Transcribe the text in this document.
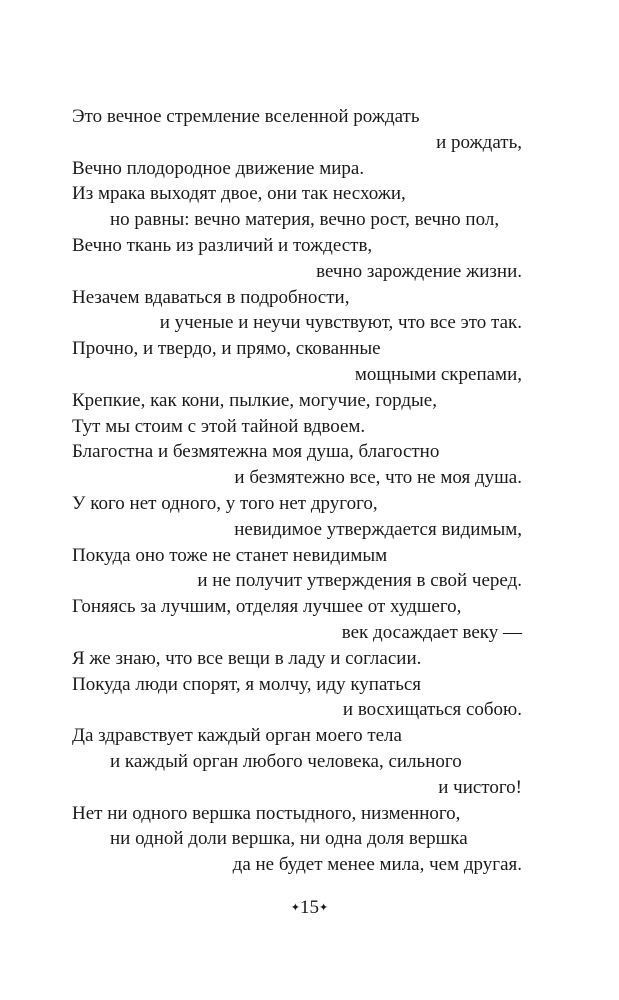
Это вечное стремление вселенной рождать
и рождать,
Вечно плодородное движение мира.
Из мрака выходят двое, они так несхожи,
но равны: вечно материя, вечно рост, вечно пол,
Вечно ткань из различий и тождеств,
вечно зарождение жизни.
Незачем вдаваться в подробности,
и ученые и неучи чувствуют, что все это так.
Прочно, и твердо, и прямо, скованные
мощными скрепами,
Крепкие, как кони, пылкие, могучие, гордые,
Тут мы стоим с этой тайной вдвоем.
Благостна и безмятежна моя душа, благостно
и безмятежно все, что не моя душа.
У кого нет одного, у того нет другого,
невидимое утверждается видимым,
Покуда оно тоже не станет невидимым
и не получит утверждения в свой черед.
Гоняясь за лучшим, отделяя лучшее от худшего,
век досаждает веку —
Я же знаю, что все вещи в ладу и согласии.
Покуда люди спорят, я молчу, иду купаться
и восхищаться собою.
Да здравствует каждый орган моего тела
и каждый орган любого человека, сильного
и чистого!
Нет ни одного вершка постыдного, низменного,
ни одной доли вершка, ни одна доля вершка
да не будет менее мила, чем другая.
✦15✦
